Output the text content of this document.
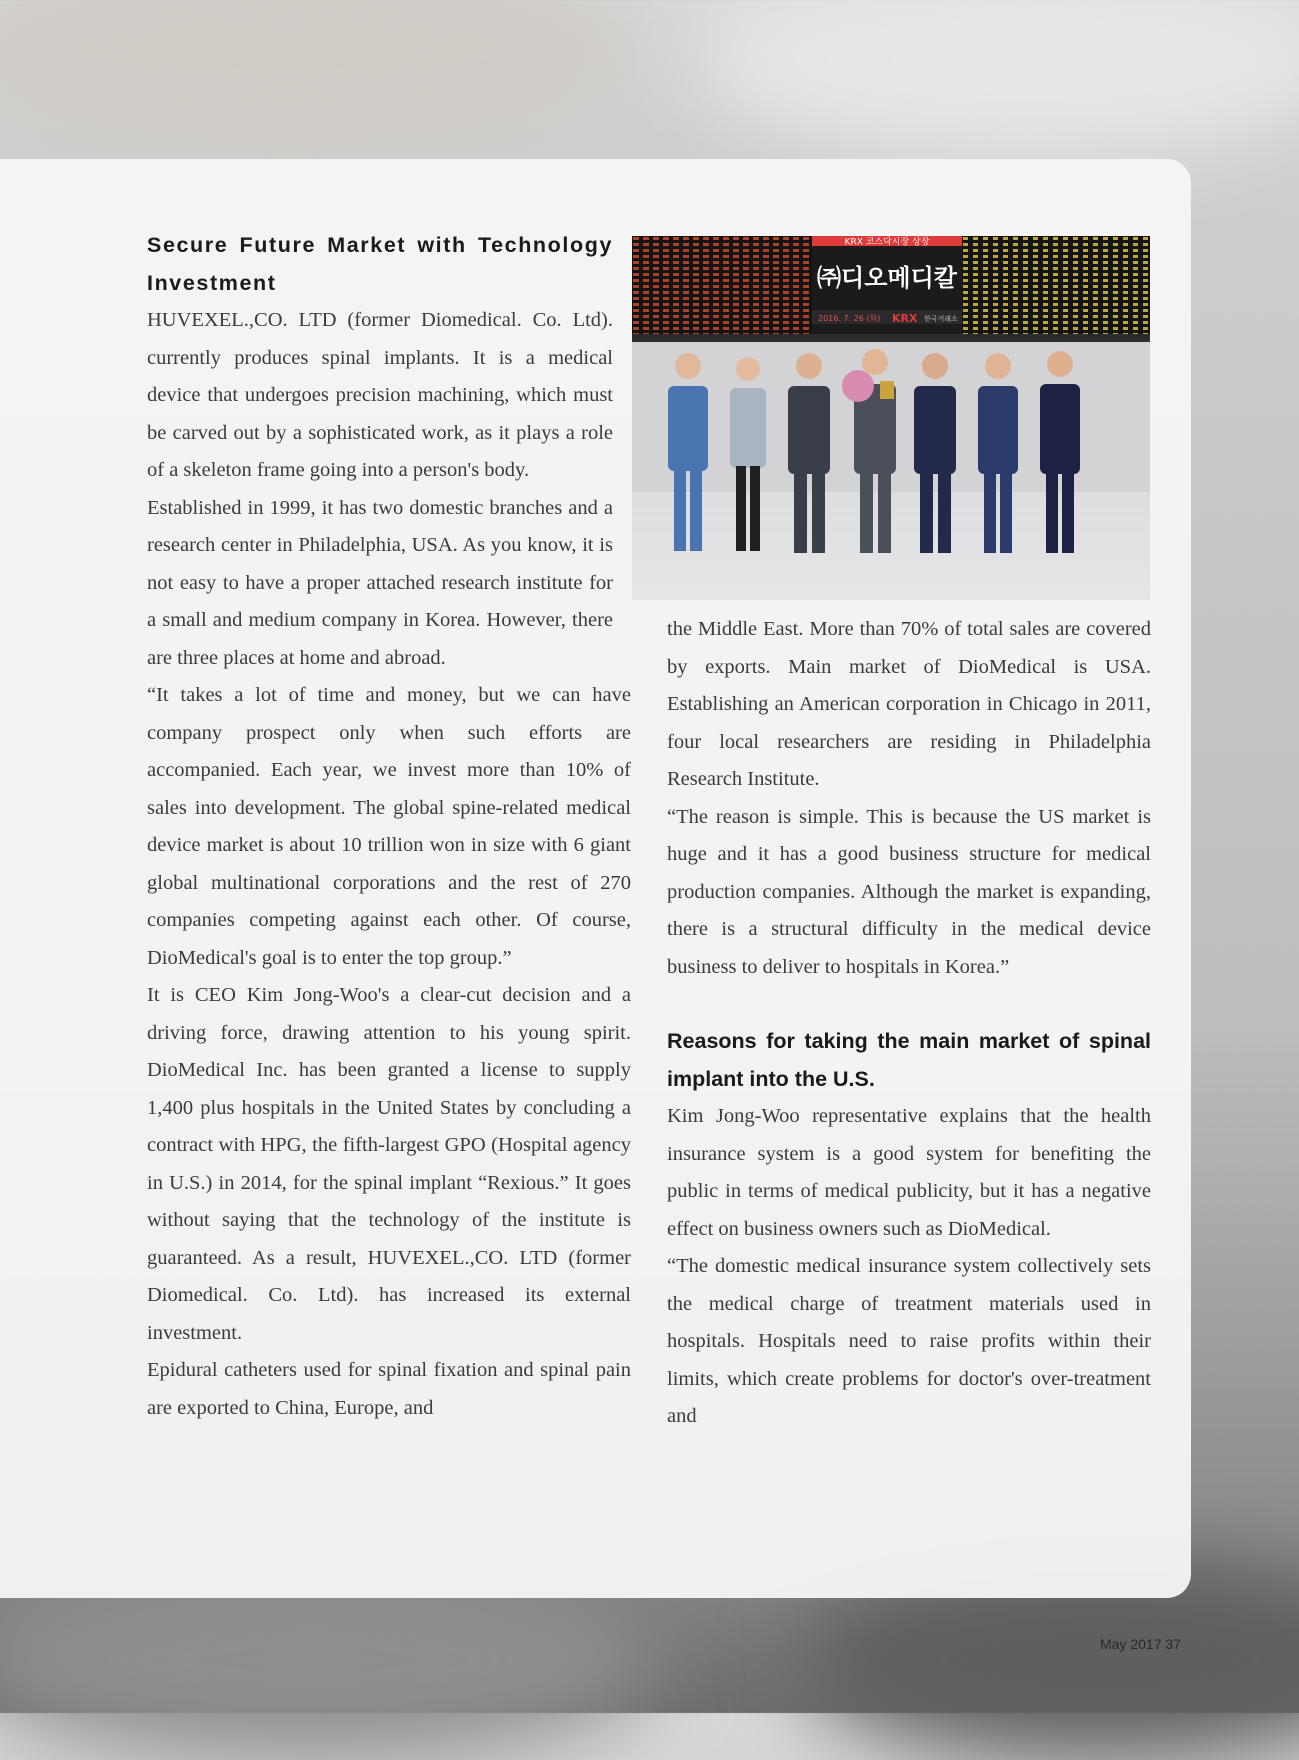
Secure Future Market with Technology Investment

HUVEXEL.,CO. LTD (former Diomedical. Co. Ltd). currently produces spinal implants. It is a medical device that undergoes precision machining, which must be carved out by a sophisticated work, as it plays a role of a skeleton frame going into a person's body.

Established in 1999, it has two domestic branches and a research center in Philadelphia, USA. As you know, it is not easy to have a proper attached research institute for a small and medium company in Korea. However, there are three places at home and abroad.

“It takes a lot of time and money, but we can have company prospect only when such efforts are accompanied. Each year, we invest more than 10% of sales into development. The global spine-related medical device market is about 10 trillion won in size with 6 giant global multinational corporations and the rest of 270 companies competing against each other. Of course, DioMedical's goal is to enter the top group.”

It is CEO Kim Jong-Woo's a clear-cut decision and a driving force, drawing attention to his young spirit. DioMedical Inc. has been granted a license to supply 1,400 plus hospitals in the United States by concluding a contract with HPG, the fifth-largest GPO (Hospital agency in U.S.) in 2014, for the spinal implant “Rexious.” It goes without saying that the technology of the institute is guaranteed. As a result, HUVEXEL.,CO. LTD (former Diomedical. Co. Ltd). has increased its external investment.

Epidural catheters used for spinal fixation and spinal pain are exported to China, Europe, and

KRX 코스닥시장 상장
㈜디오메디칼
2016. 7. 26 (화) KRX 한국거래소

the Middle East. More than 70% of total sales are covered by exports. Main market of DioMedical is USA. Establishing an American corporation in Chicago in 2011, four local researchers are residing in Philadelphia Research Institute.

“The reason is simple. This is because the US market is huge and it has a good business structure for medical production companies. Although the market is expanding, there is a structural difficulty in the medical device business to deliver to hospitals in Korea.”

Reasons for taking the main market of spinal implant into the U.S.

Kim Jong-Woo representative explains that the health insurance system is a good system for benefiting the public in terms of medical publicity, but it has a negative effect on business owners such as DioMedical.

“The domestic medical insurance system collectively sets the medical charge of treatment materials used in hospitals. Hospitals need to raise profits within their limits, which create problems for doctor's over-treatment and

May 2017 37
